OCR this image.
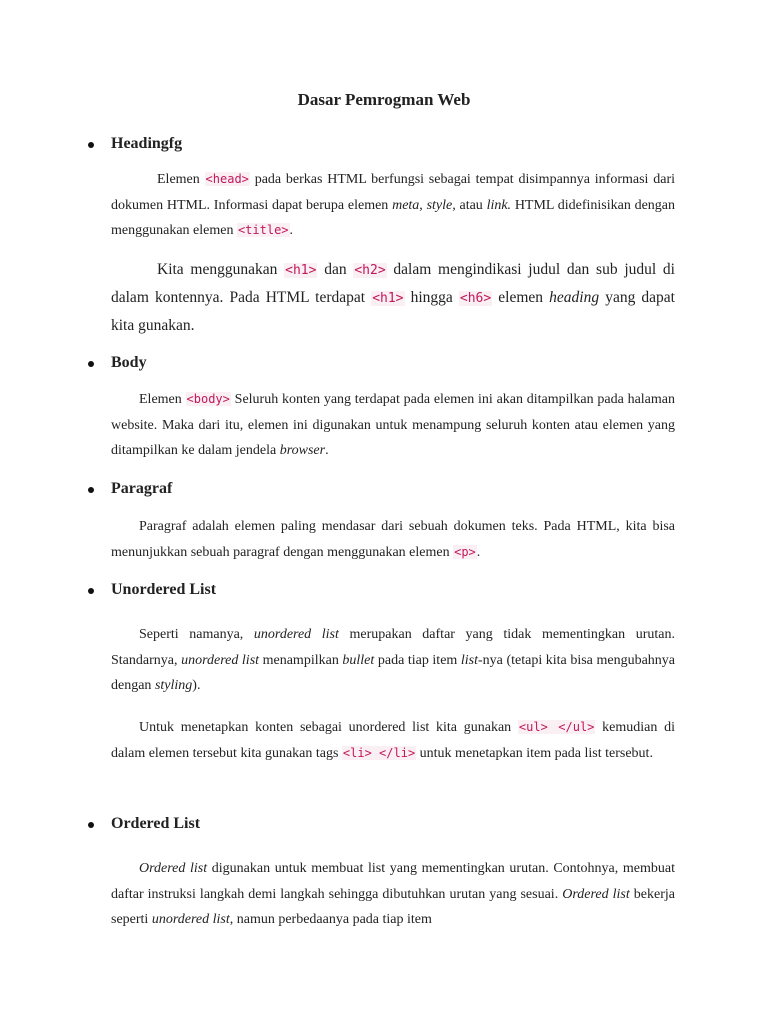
Dasar Pemrogman Web
Headingfg

Elemen <head> pada berkas HTML berfungsi sebagai tempat disimpannya informasi dari dokumen HTML. Informasi dapat berupa elemen meta, style, atau link. HTML didefinisikan dengan menggunakan elemen <title>.

Kita menggunakan <h1> dan <h2> dalam mengindikasi judul dan sub judul di dalam kontennya. Pada HTML terdapat <h1> hingga <h6> elemen heading yang dapat kita gunakan.

Body

Elemen <body> Seluruh konten yang terdapat pada elemen ini akan ditampilkan pada halaman website. Maka dari itu, elemen ini digunakan untuk menampung seluruh konten atau elemen yang ditampilkan ke dalam jendela browser.

Paragraf

Paragraf adalah elemen paling mendasar dari sebuah dokumen teks. Pada HTML, kita bisa menunjukkan sebuah paragraf dengan menggunakan elemen <p>.

Unordered List

Seperti namanya, unordered list merupakan daftar yang tidak mementingkan urutan. Standarnya, unordered list menampilkan bullet pada tiap item list-nya (tetapi kita bisa mengubahnya dengan styling).

Untuk menetapkan konten sebagai unordered list kita gunakan <ul> </ul> kemudian di dalam elemen tersebut kita gunakan tags <li> </li> untuk menetapkan item pada list tersebut.

Ordered List

Ordered list digunakan untuk membuat list yang mementingkan urutan. Contohnya, membuat daftar instruksi langkah demi langkah sehingga dibutuhkan urutan yang sesuai. Ordered list bekerja seperti unordered list, namun perbedaanya pada tiap item
